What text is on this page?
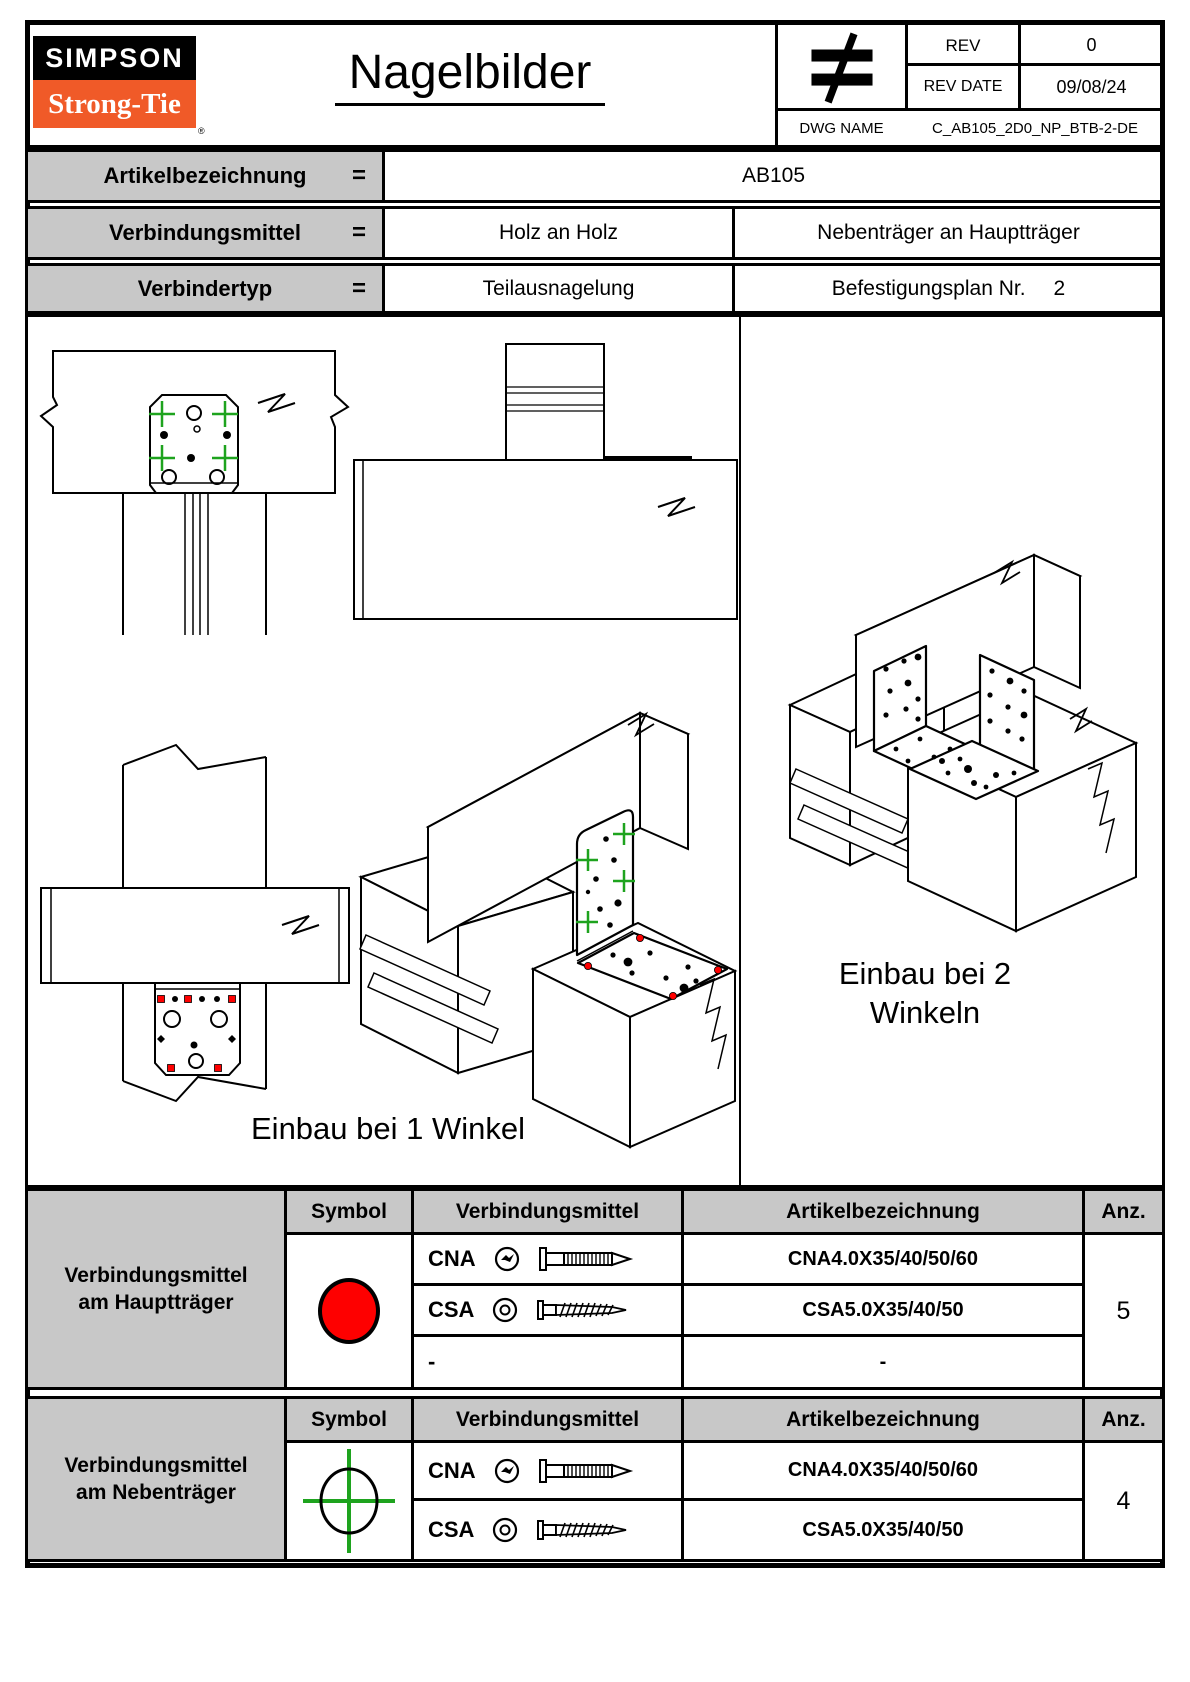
SIMPSON
Strong-Tie
®
Nagelbilder
REV	0
REV DATE	09/08/24
DWG NAME	C_AB105_2D0_NP_BTB-2-DE
Artikelbezeichnung =	AB105
Verbindungsmittel =	Holz an Holz	Nebenträger an Hauptträger
Verbindertyp	=	Teilausnagelung	Befestigungsplan Nr. 2
Einbau bei 1 Winkel
Einbau bei 2
Winkeln
Verbindungsmittel
am Hauptträger
Symbol	Verbindungsmittel	Artikelbezeichnung	Anz.
CNA	CNA4.0X35/40/50/60
5
CSA	CSA5.0X35/40/50
-	-
Verbindungsmittel
am Nebenträger
Symbol	Verbindungsmittel	Artikelbezeichnung	Anz.
CNA	CNA4.0X35/40/50/60
4
CSA	CSA5.0X35/40/50
